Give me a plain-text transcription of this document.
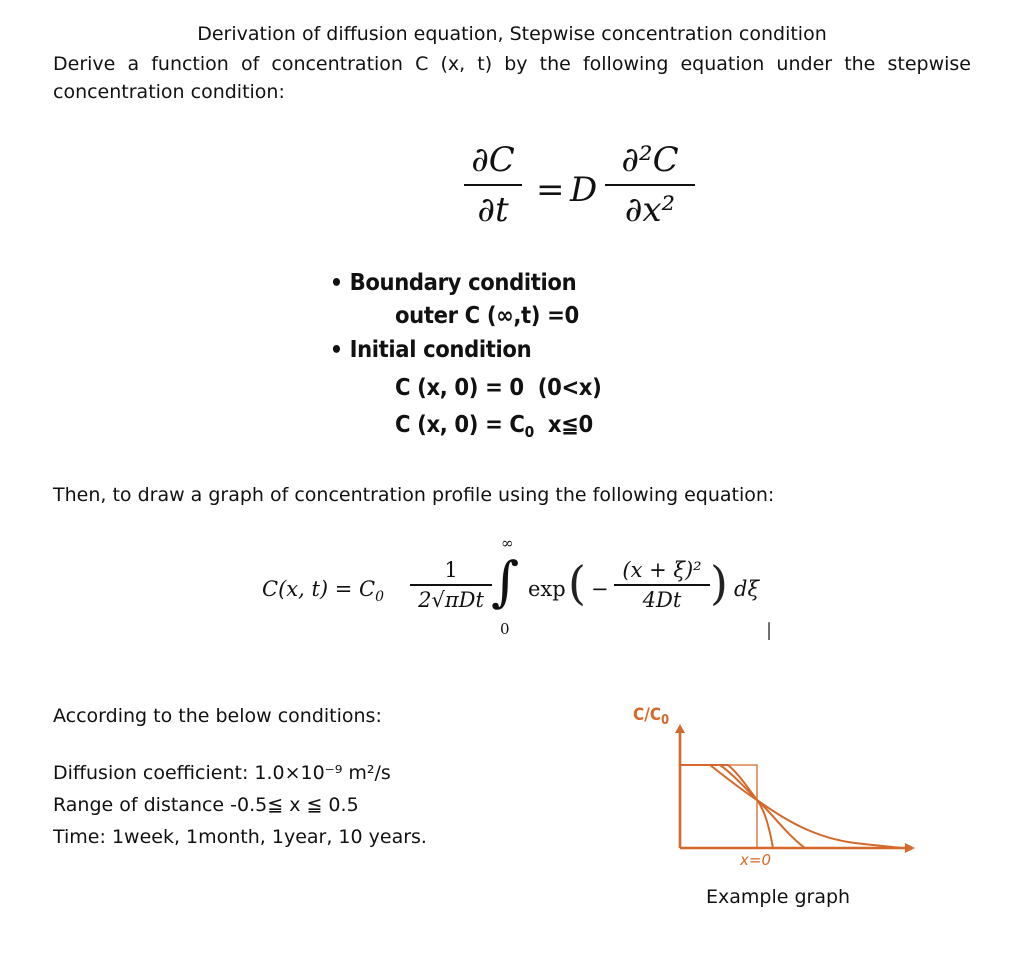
Derivation of diffusion equation, Stepwise concentration condition
Derive a function of concentration C (x, t) by the following equation under the stepwise
concentration condition:
∂C
∂t = D
∂²C
∂x²
• Boundary condition
outer C (∞,t) =0
• Initial condition
C (x, 0) = 0  (0<x)
C (x, $0) = C_0$  x≦0
Then, to draw a graph of concentration profile using the following equation:
C(x, $t) = C_0$
1
2√πDt
∞
∫
0
exp ( −
(x + ξ)²
4Dt ) dξ
|
According to the below conditions:
Diffusion coefficient: 1.0×10⁻⁹ m²/s
Range of distance -0.5≦ x ≦ 0.5
Time: 1week, 1month, 1year, 10 years.
$C/C_0$
x=0
Example graph
